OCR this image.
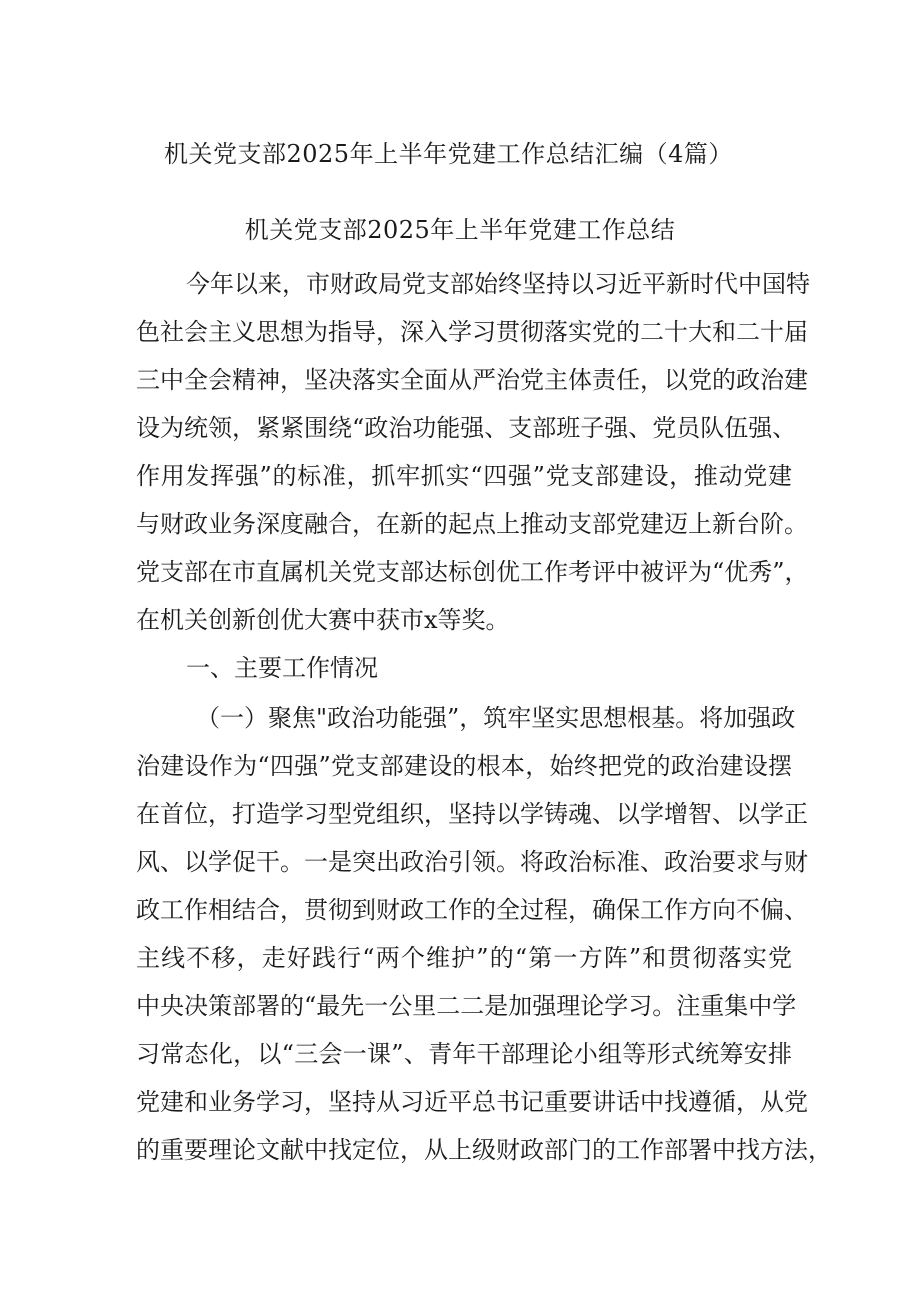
机关党支部2025年上半年党建工作总结汇编（4篇）
机关党支部2025年上半年党建工作总结
今年以来，市财政局党支部始终坚持以习近平新时代中国特
色社会主义思想为指导，深入学习贯彻落实党的二十大和二十届
三中全会精神，坚决落实全面从严治党主体责任，以党的政治建
设为统领，紧紧围绕“政治功能强、支部班子强、党员队伍强、
作用发挥强”的标准，抓牢抓实“四强”党支部建设，推动党建
与财政业务深度融合，在新的起点上推动支部党建迈上新台阶。
党支部在市直属机关党支部达标创优工作考评中被评为“优秀”，
在机关创新创优大赛中获市x等奖。
一、主要工作情况
（一）聚焦"政治功能强”，筑牢坚实思想根基。将加强政
治建设作为“四强”党支部建设的根本，始终把党的政治建设摆
在首位，打造学习型党组织，坚持以学铸魂、以学增智、以学正
风、以学促干。一是突出政治引领。将政治标准、政治要求与财
政工作相结合，贯彻到财政工作的全过程，确保工作方向不偏、
主线不移，走好践行“两个维护”的“第一方阵”和贯彻落实党
中央决策部署的“最先一公里二二是加强理论学习。注重集中学
习常态化，以“三会一课”、青年干部理论小组等形式统筹安排
党建和业务学习，坚持从习近平总书记重要讲话中找遵循，从党
的重要理论文献中找定位，从上级财政部门的工作部署中找方法，
